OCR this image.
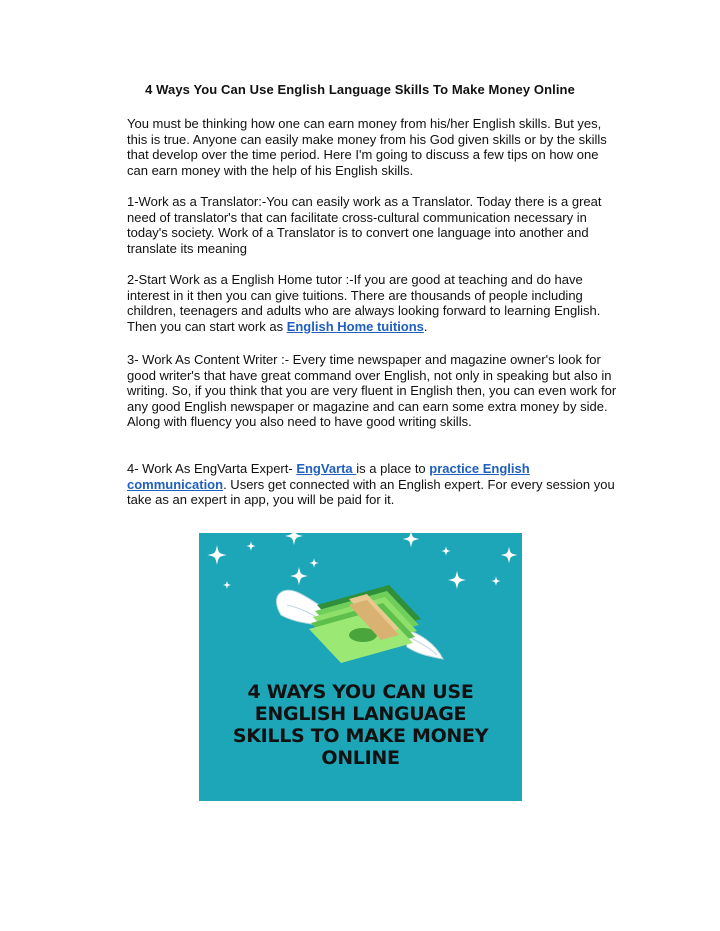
4 Ways You Can Use English Language Skills To Make Money Online

You must be thinking how one can earn money from his/her English skills. But yes, this is true. Anyone can easily make money from his God given skills or by the skills that develop over the time period. Here I'm going to discuss a few tips on how one can earn money with the help of his English skills.

1-Work as a Translator:-You can easily work as a Translator. Today there is a great need of translator's that can facilitate cross-cultural communication necessary in today's society. Work of a Translator is to convert one language into another and translate its meaning

2-Start Work as a English Home tutor :-If you are good at teaching and do have interest in it then you can give tuitions. There are thousands of people including children, teenagers and adults who are always looking forward to learning English. Then you can start work as English Home tuitions.

3- Work As Content Writer :- Every time newspaper and magazine owner's look for good writer's that have great command over English, not only in speaking but also in writing. So, if you think that you are very fluent in English then, you can even work for any good English newspaper or magazine and can earn some extra money by side. Along with fluency you also need to have good writing skills.

4- Work As EngVarta Expert- EngVarta is a place to practice English communication. Users get connected with an English expert. For every session you take as an expert in app, you will be paid for it.

4 WAYS YOU CAN USE
ENGLISH LANGUAGE
SKILLS TO MAKE MONEY
ONLINE
